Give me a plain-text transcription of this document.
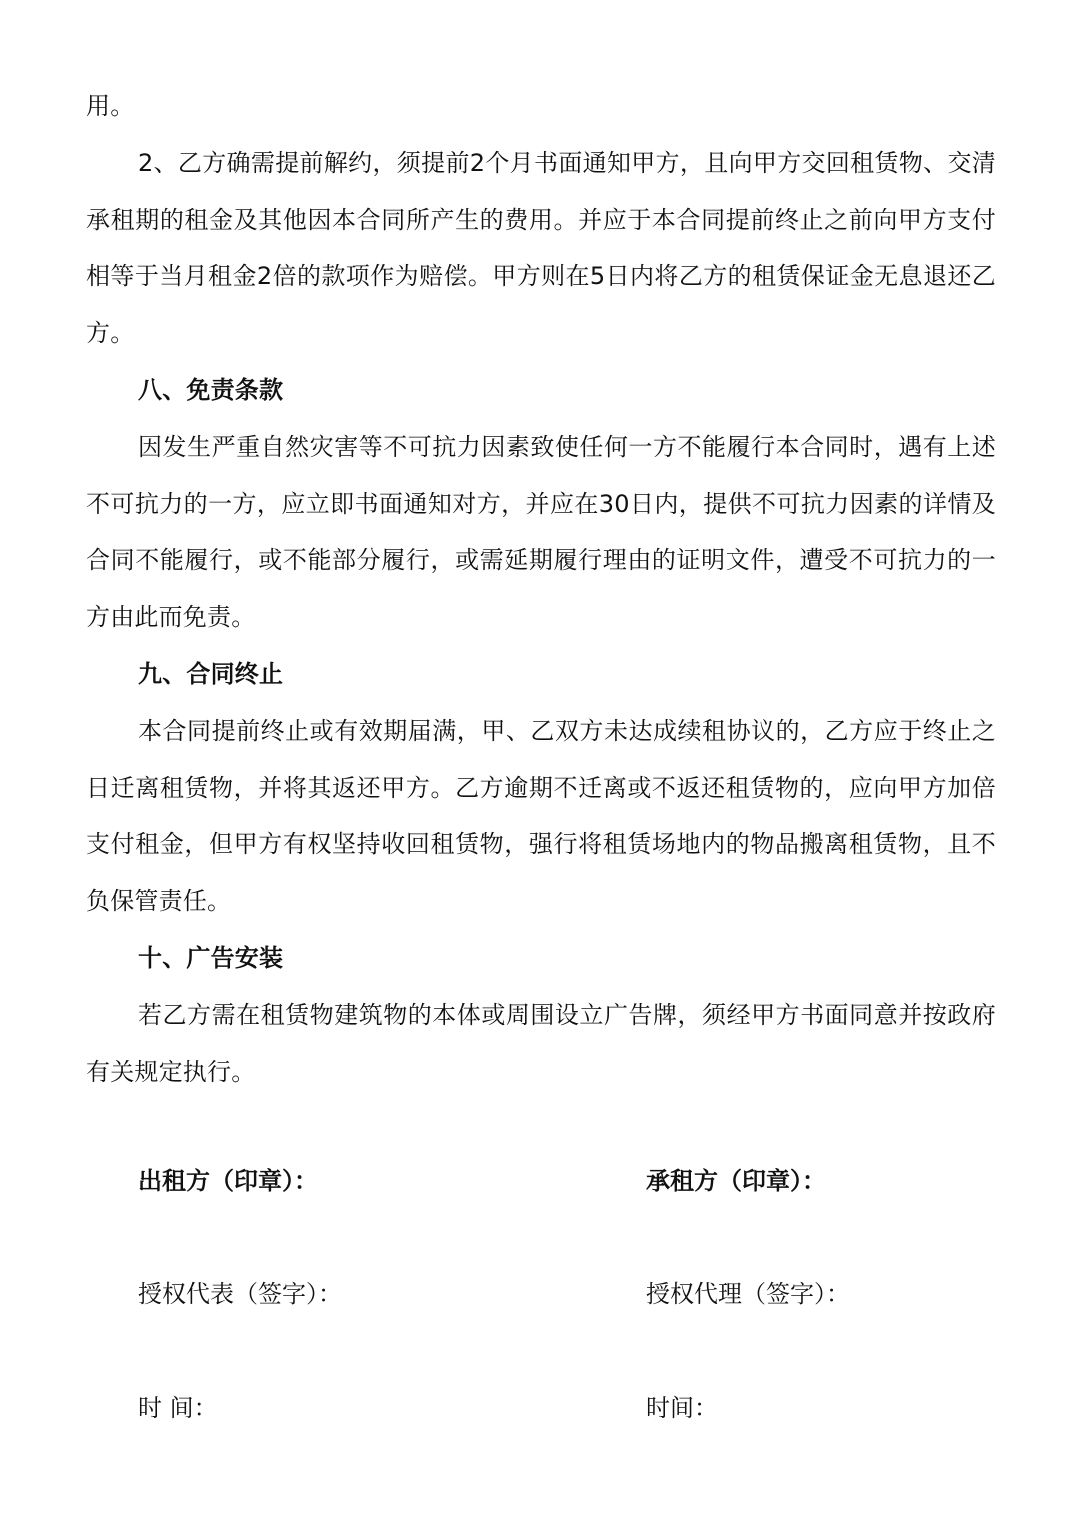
用。

2、乙方确需提前解约，须提前2个月书面通知甲方，且向甲方交回租赁物、交清承租期的租金及其他因本合同所产生的费用。并应于本合同提前终止之前向甲方支付相等于当月租金2倍的款项作为赔偿。甲方则在5日内将乙方的租赁保证金无息退还乙方。

八、免责条款

因发生严重自然灾害等不可抗力因素致使任何一方不能履行本合同时，遇有上述不可抗力的一方，应立即书面通知对方，并应在30日内，提供不可抗力因素的详情及合同不能履行，或不能部分履行，或需延期履行理由的证明文件，遭受不可抗力的一方由此而免责。

九、合同终止

本合同提前终止或有效期届满，甲、乙双方未达成续租协议的，乙方应于终止之日迁离租赁物，并将其返还甲方。乙方逾期不迁离或不返还租赁物的，应向甲方加倍支付租金，但甲方有权坚持收回租赁物，强行将租赁场地内的物品搬离租赁物，且不负保管责任。

十、广告安装

若乙方需在租赁物建筑物的本体或周围设立广告牌，须经甲方书面同意并按政府有关规定执行。

出租方（印章）：	承租方（印章）：
授权代表（签字）：	授权代理（签字）：
时 间：	时间：
